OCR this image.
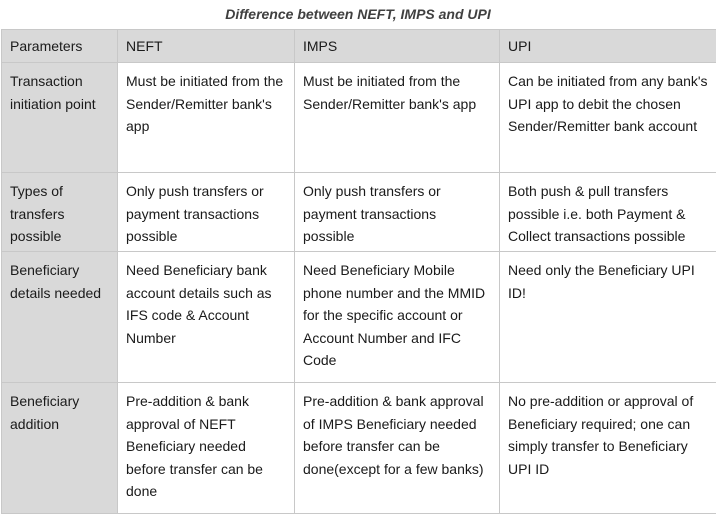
Difference between NEFT, IMPS and UPI
Parameters	NEFT	IMPS	UPI
Transaction initiation point	Must be initiated from the Sender/Remitter bank's app	Must be initiated from the Sender/Remitter bank's app	Can be initiated from any bank's UPI app to debit the chosen Sender/Remitter bank account
Types of transfers possible	Only push transfers or payment transactions possible	Only push transfers or payment transactions possible	Both push & pull transfers possible i.e. both Payment & Collect transactions possible
Beneficiary details needed	Need Beneficiary bank account details such as IFS code & Account Number	Need Beneficiary Mobile phone number and the MMID for the specific account or Account Number and IFC Code	Need only the Beneficiary UPI ID!
Beneficiary addition	Pre-addition & bank approval of NEFT Beneficiary needed before transfer can be done	Pre-addition & bank approval of IMPS Beneficiary needed before transfer can be done(except for a few banks)	No pre-addition or approval of Beneficiary required; one can simply transfer to Beneficiary UPI ID
